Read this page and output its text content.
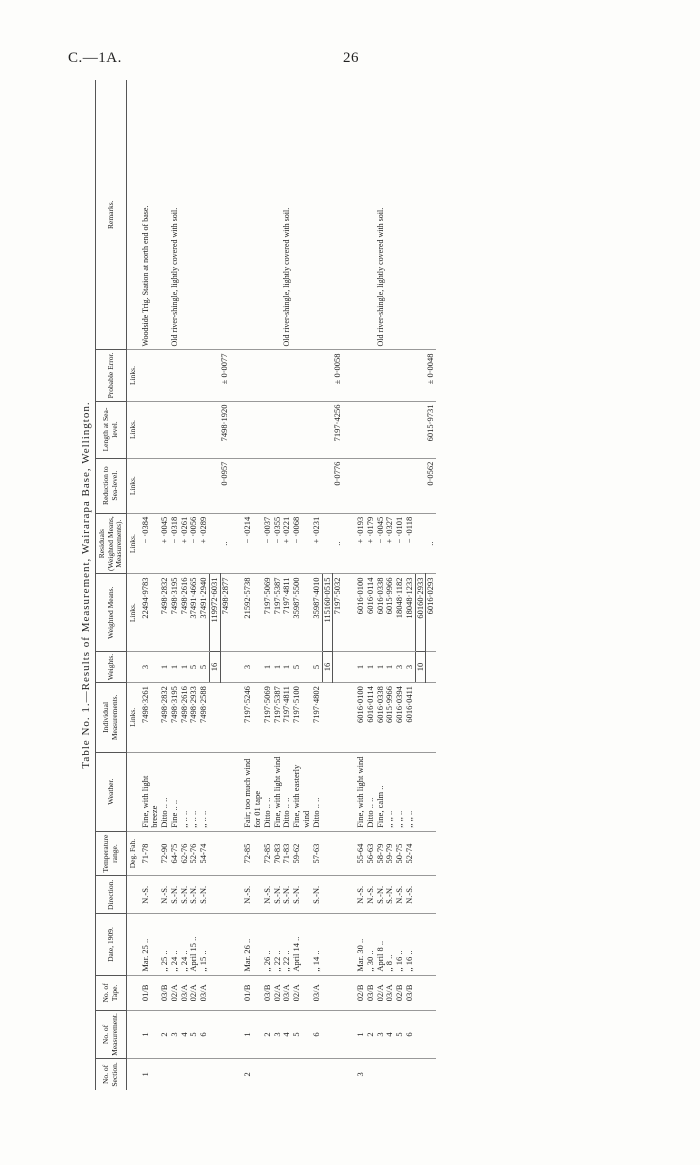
C.—1A.	26
Table No. 1.—Results of Measurement, Wairarapa Base, Wellington.
No. of Section.	No. of Measurement.	No. of Tape.	Date, 1909.	Direction.	Temperature range.	Weather.	Individual Measurements.	Weights.	Weighted Means.	Residuals (Weighted Means, Measurements).	Reduction to Sea-level.	Length at Sea-level.	Probable Error.	Remarks.
					Deg. Fah.		Links.		Links.	Links.	Links.	Links.	Links.	
1	1	01/B	Mar. 25 ..	N.-S.	71-78	Fine, with light breeze	7498·3261	3	22494·9783	− ·0384				Woodside Trig. Station at north end of base.
	2	03/B	,, 25 ..	N.-S.	72-90	Ditto .. ..	7498·2832	1	7498·2832	+ ·0045				
	3	02/A	,, 24 ..	S.-N.	64-75	Fine .. ..	7498·3195	1	7498·3195	− ·0318				Old river-shingle, lightly covered with soil.
	4	03/A	,, 24 ..	S.-N.	62-76	,, .. ..	7498·2616	1	7498·2616	+ ·0261				
	5	02/A	April 15 ..	S.-N.	52-76	,, .. ..	7498·2933	5	37491·4665	− ·0056				
	6	03/A	,, 15 ..	S.-N.	54-74	,, .. ..	7498·2588	5	37491·2940	+ ·0289				
								16	119972·6031					
									7498·2877	..	0·0957	7498·1920	± 0·0077	

2	1	01/B	Mar. 26 ..	N.-S.	72-85	Fair; too much wind for 01 tape	7197·5246	3	21592·5738	− ·0214				
	2	03/B	,, 26 ..	N.-S.	72-85	Ditto .. ..	7197·5069	1	7197·5069	− ·0037				
	3	02/A	,, 22 ..	S.-N.	70-83	Fine, with light wind	7197·5387	1	7197·5387	− ·0355				
	4	03/A	,, 22 ..	S.-N.	71-83	Ditto .. ..	7197·4811	1	7197·4811	+ ·0221				Old river-shingle, lightly covered with soil.
	5	02/A	April 14 ..	S.-N.	59-62	Fine, with easterly wind	7197·5100	5	35987·5500	− ·0068				
	6	03/A	,, 14 ..	S.-N.	57-63	Ditto .. ..	7197·4802	5	35987·4010	+ ·0231				
								16	115160·0515					
									7197·5032	..	0·0776	7197·4256	± 0·0058	

3	1	02/B	Mar. 30 ..	N.-S.	55-64	Fine, with light wind	6016·0100	1	6016·0100	+ ·0193				
	2	03/B	,, 30 ..	N.-S.	56-63	Ditto .. ..	6016·0114	1	6016·0114	+ ·0179				
	3	02/A	April 8 ..	S.-N.	58-79	Fine, calm ..	6016·0338	1	6016·0338	− ·0045				Old river-shingle, lightly covered with soil.
	4	03/A	,, 8 ..	S.-N.	59-79	,, ,, ..	6015·9966	1	6015·9966	+ ·0327				
	5	02/B	,, 16 ..	N.-S.	50-75	,, ,, ..	6016·0394	3	18048·1182	− ·0101				
	6	03/B	,, 16 ..	N.-S.	52-74	,, ,, ..	6016·0411	3	18048·1233	− ·0118				
								10	60160·2933					
									6016·0293	..	0·0562	6015·9731	± 0·0048	
